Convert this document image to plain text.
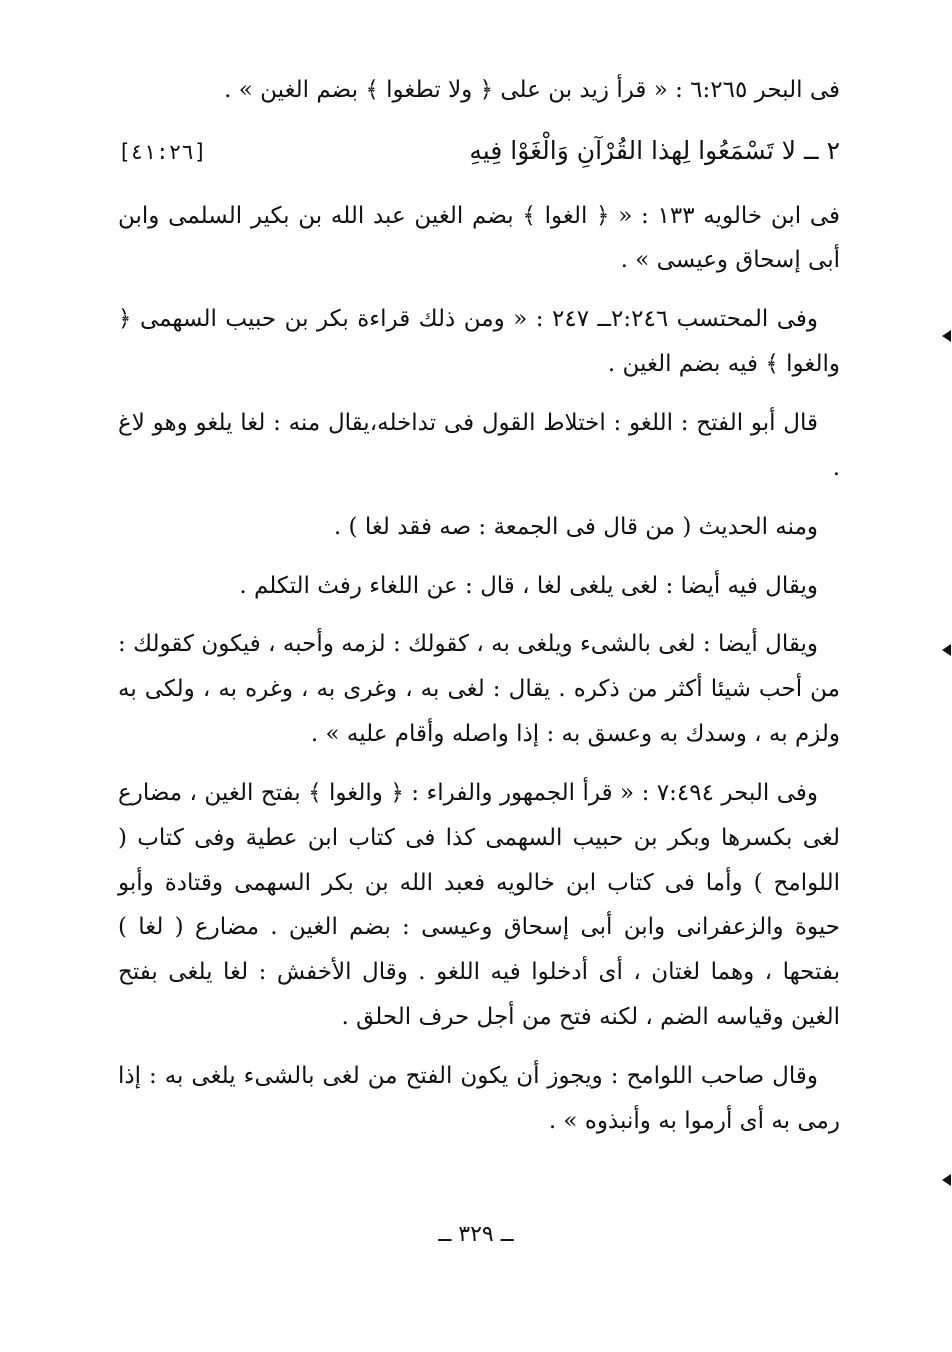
فى البحر ٦:٢٦٥ : « قرأ زيد بن على ﴿ ولا تطغوا ﴾ بضم الغين » .

٢ ــ لا تَسْمَعُوا لِهذا القُرْآنِ وَالْغَوْا فِيهِ
[٤١:٢٦]

فى ابن خالويه ١٣٣ : « ﴿ الغوا ﴾ بضم الغين عبد الله بن بكير السلمى وابن أبى إسحاق وعيسى » .

وفى المحتسب ٢:٢٤٦ــ ٢٤٧ : « ومن ذلك قراءة بكر بن حبيب السهمى ﴿ والغوا ﴾ فيه بضم الغين .

قال أبو الفتح : اللغو : اختلاط القول فى تداخله،يقال منه : لغا يلغو وهو لاغ .

ومنه الحديث ( من قال فى الجمعة : صه فقد لغا ) .

ويقال فيه أيضا : لغى يلغى لغا ، قال : عن اللغاء رفث التكلم .

ويقال أيضا : لغى بالشىء ويلغى به ، كقولك : لزمه وأحبه ، فيكون كقولك : من أحب شيئا أكثر من ذكره . يقال : لغى به ، وغرى به ، وغره به ، ولكى به ولزم به ، وسدك به وعسق به : إذا واصله وأقام عليه » .

وفى البحر ٧:٤٩٤ : « قرأ الجمهور والفراء : ﴿ والغوا ﴾ بفتح الغين ، مضارع لغى بكسرها وبكر بن حبيب السهمى كذا فى كتاب ابن عطية وفى كتاب ( اللوامح ) وأما فى كتاب ابن خالويه فعبد الله بن بكر السهمى وقتادة وأبو حيوة والزعفرانى وابن أبى إسحاق وعيسى : بضم الغين . مضارع ( لغا ) بفتحها ، وهما لغتان ، أى أدخلوا فيه اللغو . وقال الأخفش : لغا يلغى بفتح الغين وقياسه الضم ، لكنه فتح من أجل حرف الحلق .

وقال صاحب اللوامح : ويجوز أن يكون الفتح من لغى بالشىء يلغى به : إذا رمى به أى أرموا به وأنبذوه » .

ــ ٣٢٩ ــ
